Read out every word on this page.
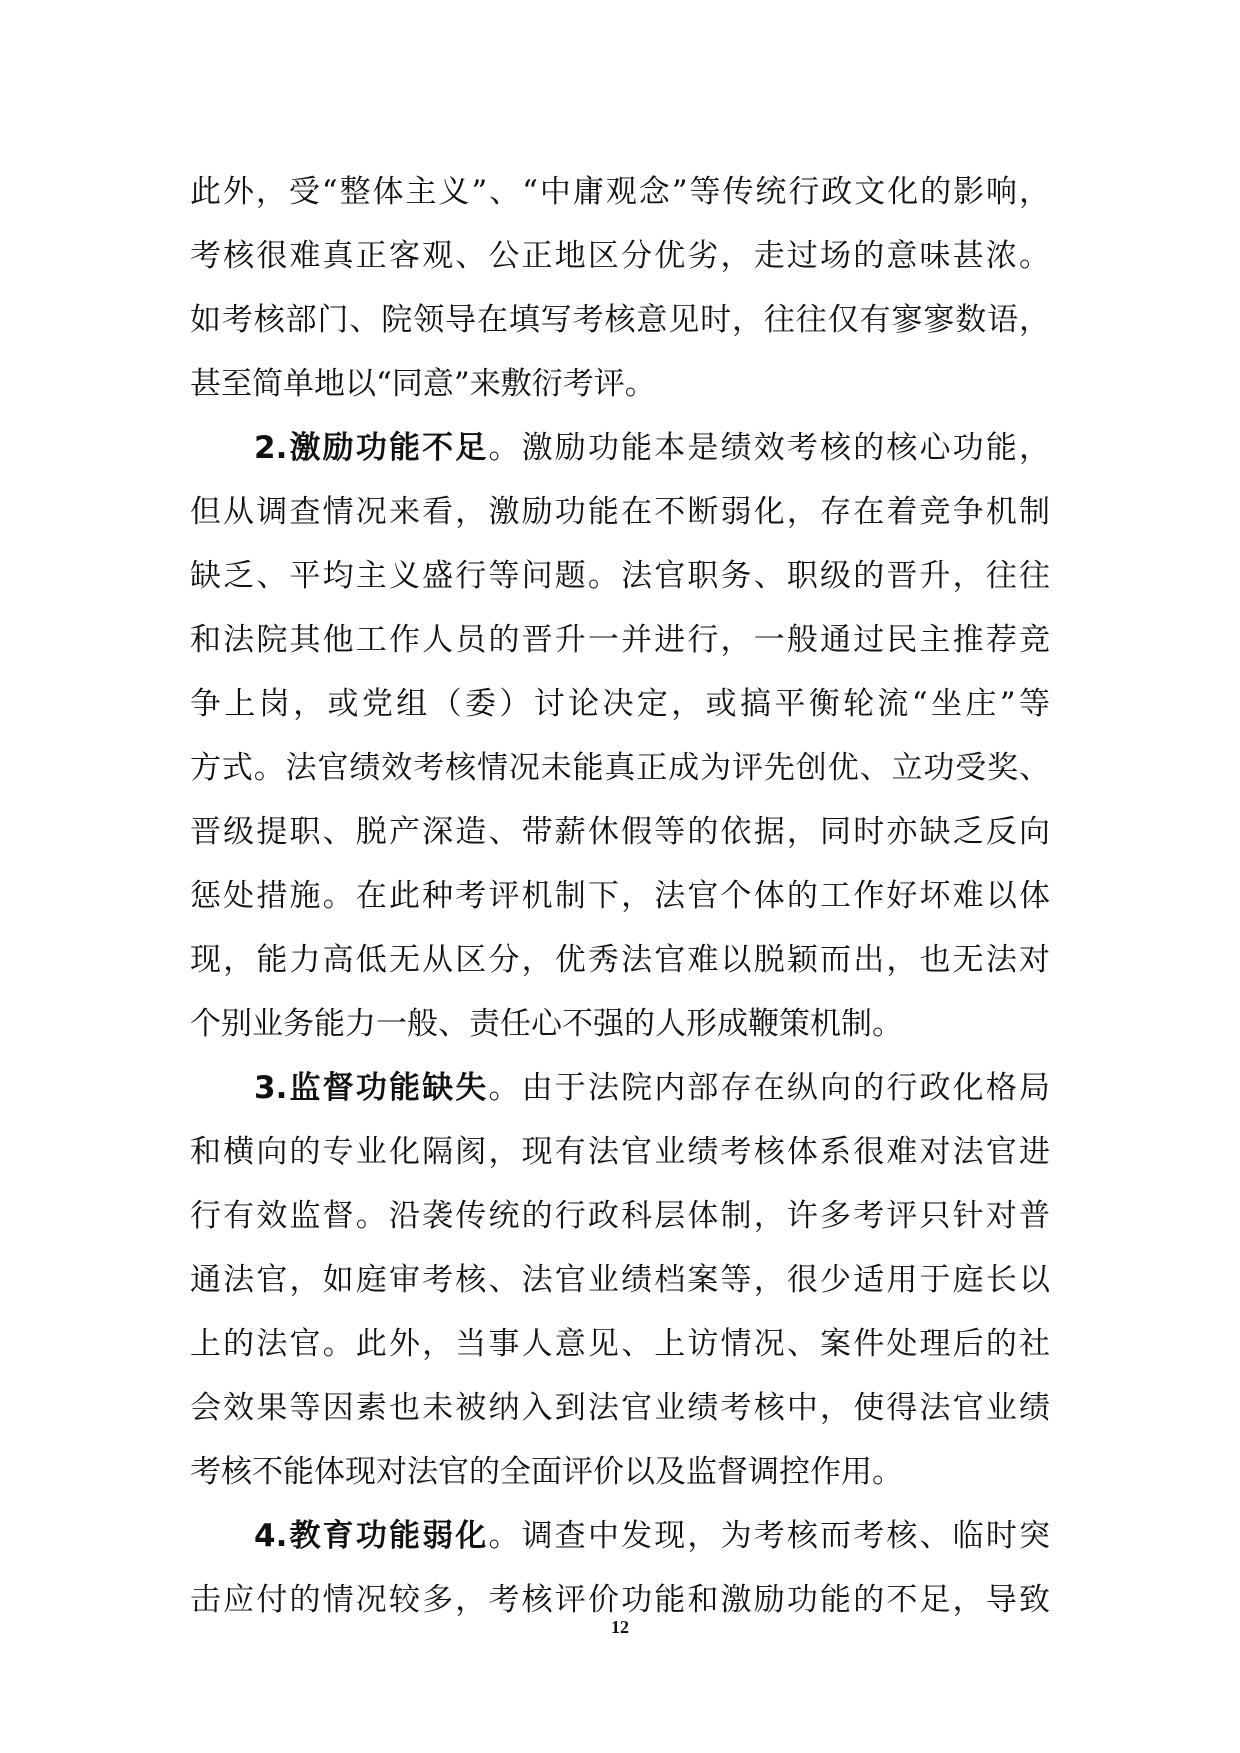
此外，受“整体主义”、“中庸观念”等传统行政文化的影响，
考核很难真正客观、公正地区分优劣，走过场的意味甚浓。
如考核部门、院领导在填写考核意见时，往往仅有寥寥数语，
甚至简单地以“同意”来敷衍考评。
2.激励功能不足。激励功能本是绩效考核的核心功能，
但从调查情况来看，激励功能在不断弱化，存在着竞争机制
缺乏、平均主义盛行等问题。法官职务、职级的晋升，往往
和法院其他工作人员的晋升一并进行，一般通过民主推荐竞
争上岗，或党组（委）讨论决定，或搞平衡轮流“坐庄”等
方式。法官绩效考核情况未能真正成为评先创优、立功受奖、
晋级提职、脱产深造、带薪休假等的依据，同时亦缺乏反向
惩处措施。在此种考评机制下，法官个体的工作好坏难以体
现，能力高低无从区分，优秀法官难以脱颖而出，也无法对
个别业务能力一般、责任心不强的人形成鞭策机制。
3.监督功能缺失。由于法院内部存在纵向的行政化格局
和横向的专业化隔阂，现有法官业绩考核体系很难对法官进
行有效监督。沿袭传统的行政科层体制，许多考评只针对普
通法官，如庭审考核、法官业绩档案等，很少适用于庭长以
上的法官。此外，当事人意见、上访情况、案件处理后的社
会效果等因素也未被纳入到法官业绩考核中，使得法官业绩
考核不能体现对法官的全面评价以及监督调控作用。
4.教育功能弱化。调查中发现，为考核而考核、临时突
击应付的情况较多，考核评价功能和激励功能的不足，导致
12
